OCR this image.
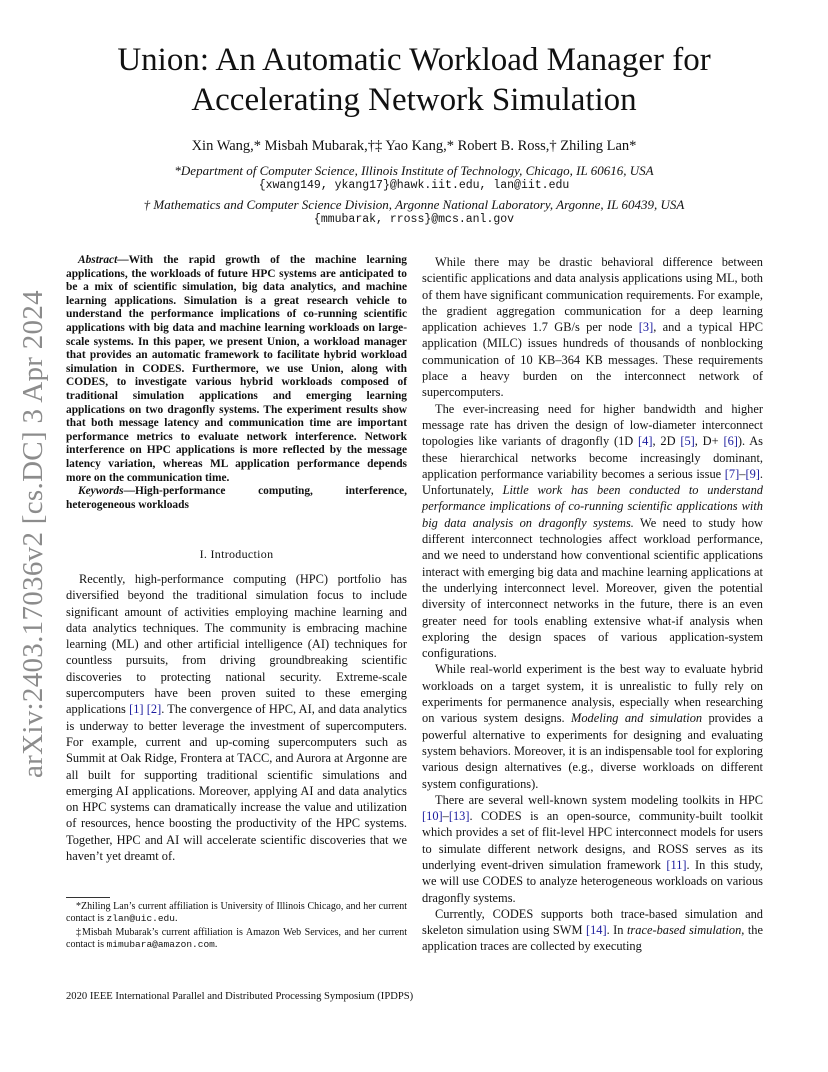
arXiv:2403.17036v2 [cs.DC] 3 Apr 2024
Union: An Automatic Workload Manager for
Accelerating Network Simulation
Xin Wang,* Misbah Mubarak,†‡ Yao Kang,* Robert B. Ross,† Zhiling Lan*
*Department of Computer Science, Illinois Institute of Technology, Chicago, IL 60616, USA
{xwang149, ykang17}@hawk.iit.edu, lan@iit.edu
† Mathematics and Computer Science Division, Argonne National Laboratory, Argonne, IL 60439, USA
{mmubarak, rross}@mcs.anl.gov

Abstract—With the rapid growth of the machine learning applications, the workloads of future HPC systems are anticipated to be a mix of scientific simulation, big data analytics, and machine learning applications. Simulation is a great research vehicle to understand the performance implications of co-running scientific applications with big data and machine learning workloads on large-scale systems. In this paper, we present Union, a workload manager that provides an automatic framework to facilitate hybrid workload simulation in CODES. Furthermore, we use Union, along with CODES, to investigate various hybrid workloads composed of traditional simulation applications and emerging learning applications on two dragonfly systems. The experiment results show that both message latency and communication time are important performance metrics to evaluate network interference. Network interference on HPC applications is more reflected by the message latency variation, whereas ML application performance depends more on the communication time.

Keywords—High-performance computing, interference, heterogeneous workloads

I. Introduction

Recently, high-performance computing (HPC) portfolio has diversified beyond the traditional simulation focus to include significant amount of activities employing machine learning and data analytics techniques. The community is embracing machine learning (ML) and other artificial intelligence (AI) techniques for countless pursuits, from driving groundbreaking scientific discoveries to protecting national security. Extreme-scale supercomputers have been proven suited to these emerging applications [1] [2]. The convergence of HPC, AI, and data analytics is underway to better leverage the investment of supercomputers. For example, current and up-coming supercomputers such as Summit at Oak Ridge, Frontera at TACC, and Aurora at Argonne are all built for supporting traditional scientific simulations and emerging AI applications. Moreover, applying AI and data analytics on HPC systems can dramatically increase the value and utilization of resources, hence boosting the productivity of the HPC systems. Together, HPC and AI will accelerate scientific discoveries that we haven’t yet dreamt of.

*Zhiling Lan’s current affiliation is University of Illinois Chicago, and her current contact is zlan@uic.edu.

‡Misbah Mubarak’s current affiliation is Amazon Web Services, and her current contact is mimubara@amazon.com.

2020 IEEE International Parallel and Distributed Processing Symposium (IPDPS)

While there may be drastic behavioral difference between scientific applications and data analysis applications using ML, both of them have significant communication requirements. For example, the gradient aggregation communication for a deep learning application achieves 1.7 GB/s per node [3], and a typical HPC application (MILC) issues hundreds of thousands of nonblocking communication of 10 KB–364 KB messages. These requirements place a heavy burden on the interconnect network of supercomputers.

The ever-increasing need for higher bandwidth and higher message rate has driven the design of low-diameter interconnect topologies like variants of dragonfly (1D [4], 2D [5], D+ [6]). As these hierarchical networks become increasingly dominant, application performance variability becomes a serious issue [7]–[9]. Unfortunately, Little work has been conducted to understand performance implications of co-running scientific applications with big data analysis on dragonfly systems. We need to study how different interconnect technologies affect workload performance, and we need to understand how conventional scientific applications interact with emerging big data and machine learning applications at the underlying interconnect level. Moreover, given the potential diversity of interconnect networks in the future, there is an even greater need for tools enabling extensive what-if analysis when exploring the design spaces of various application-system configurations.

While real-world experiment is the best way to evaluate hybrid workloads on a target system, it is unrealistic to fully rely on experiments for permanence analysis, especially when researching on various system designs. Modeling and simulation provides a powerful alternative to experiments for designing and evaluating system behaviors. Moreover, it is an indispensable tool for exploring various design alternatives (e.g., diverse workloads on different system configurations).

There are several well-known system modeling toolkits in HPC [10]–[13]. CODES is an open-source, community-built toolkit which provides a set of flit-level HPC interconnect models for users to simulate different network designs, and ROSS serves as its underlying event-driven simulation framework [11]. In this study, we will use CODES to analyze heterogeneous workloads on various dragonfly systems.

Currently, CODES supports both trace-based simulation and skeleton simulation using SWM [14]. In trace-based simulation, the application traces are collected by executing
